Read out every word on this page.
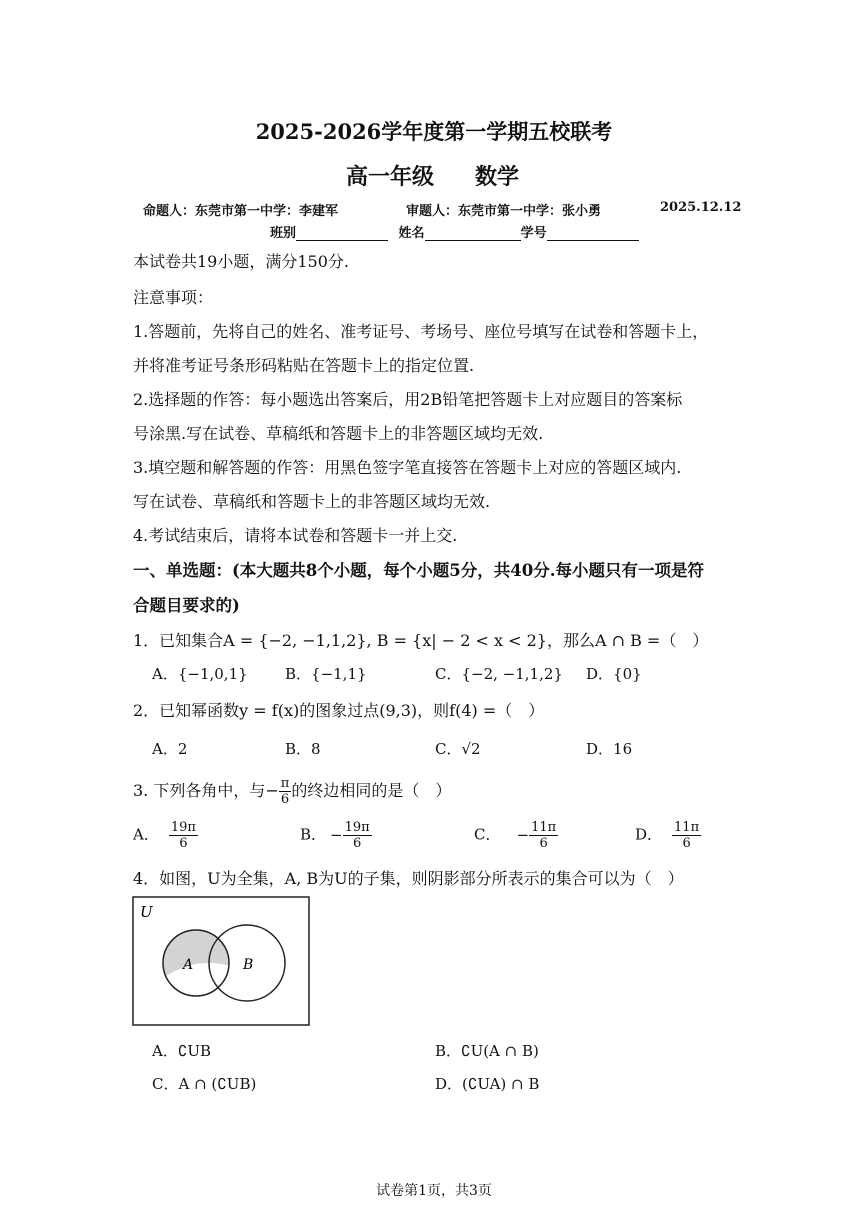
2025-2026学年度第一学期五校联考
高一年级 数学
命题人：东莞市第一中学：李建军	审题人：东莞市第一中学：张小勇	2025.12.12
班别	姓名	学号
本试卷共19小题，满分150分.
注意事项：
1.答题前，先将自己的姓名、准考证号、考场号、座位号填写在试卷和答题卡上，
并将准考证号条形码粘贴在答题卡上的指定位置.
2.选择题的作答：每小题选出答案后，用2B铅笔把答题卡上对应题目的答案标
号涂黑.写在试卷、草稿纸和答题卡上的非答题区域均无效.
3.填空题和解答题的作答：用黑色签字笔直接答在答题卡上对应的答题区域内.
写在试卷、草稿纸和答题卡上的非答题区域均无效.
4.考试结束后，请将本试卷和答题卡一并上交.
一、单选题：(本大题共8个小题，每个小题5分，共40分.每小题只有一项是符
合题目要求的)
1．已知集合A = {−2, −1,1,2}, B = {x| − 2 < x < 2}，那么A ∩ B =（　）
A．{−1,0,1} B．{−1,1}	C．{−2, −1,1,2} D．{0}
2．已知幂函数y = f(x)的图象过点(9,3)，则f(4) =（　）
A．2	B．8	C．√2	D．16
3. 下列各角中，与− $\frac{\pi}{6}$ 的终边相同的是（　）
A． $\frac{19\pi}{6}$	B． − $\frac{19\pi}{6}$	C． − $\frac{11\pi}{6}$	D． $\frac{11\pi}{6}$
4．如图，U为全集，A, B为U的子集，则阴影部分所表示的集合可以为（　）
U
A	B
A．∁UB	B．∁U(A ∩ B)
C．A ∩ (∁UB)	D．(∁UA) ∩ B
试卷第1页，共3页
